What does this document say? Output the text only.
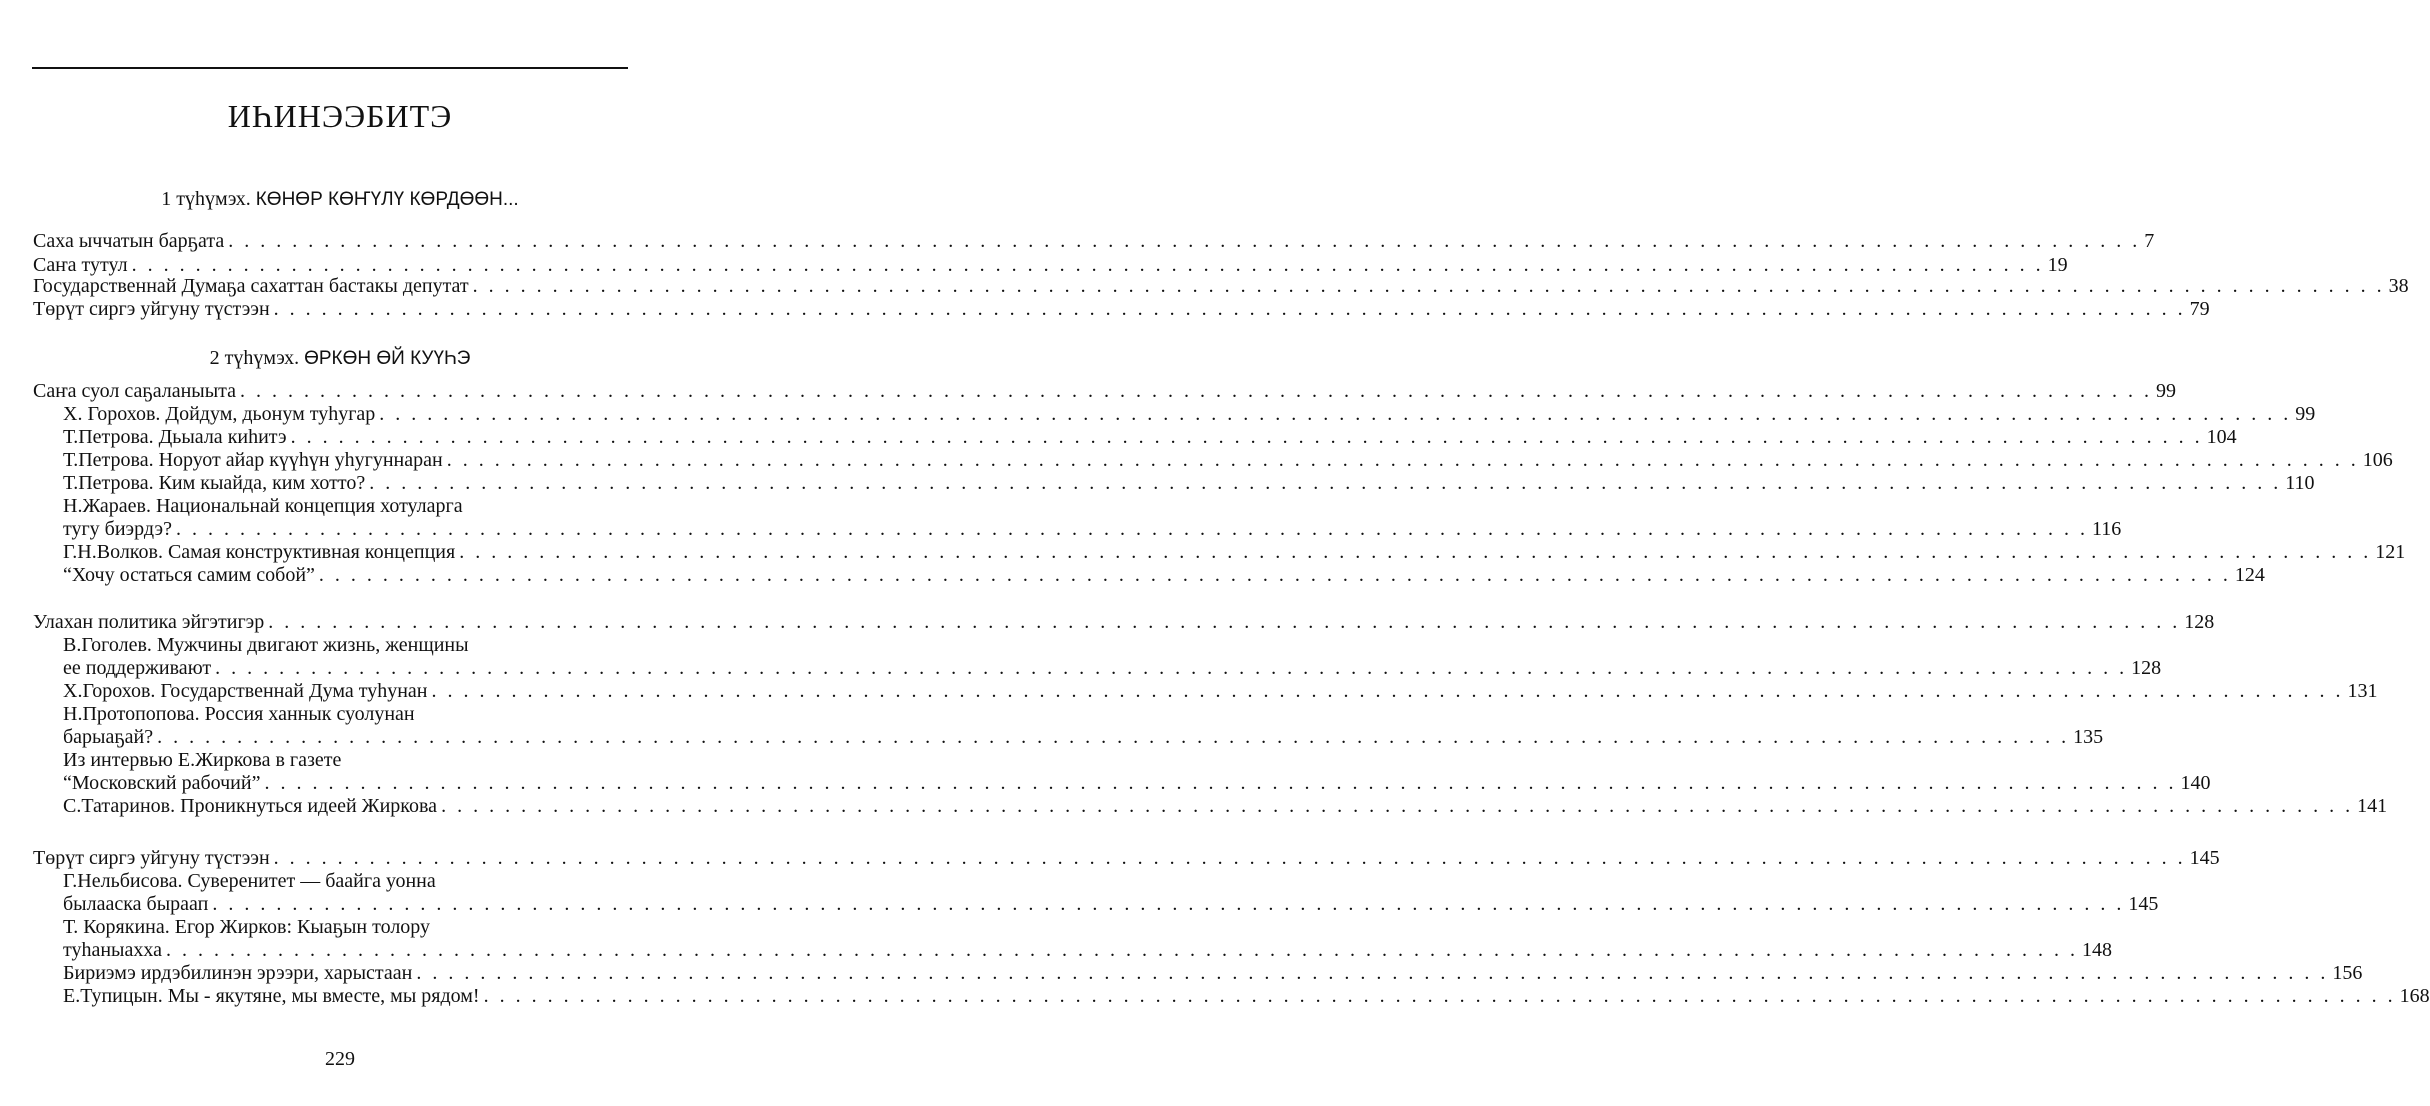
ИҺИНЭЭБИТЭ
1 түһүмэх. КӨНӨР КӨҤҮЛҮ КӨРДӨӨН...
2 түһүмэх. ӨРКӨН ӨЙ КУҮҺЭ
Саха ыччатын барҕата . . . . . . . . . . . . . . . . . . . . . . . . . . . . . . . . . . . . . . . . . . . . . . . . . . . . . . . . . . . . . . . . . . . . . . . . . . . . . . . . . . . . . . . . . . . . . . . . . . . . . . . . . . . . . . . . . . . . . . . . 7
Саҥа тутул . . . . . . . . . . . . . . . . . . . . . . . . . . . . . . . . . . . . . . . . . . . . . . . . . . . . . . . . . . . . . . . . . . . . . . . . . . . . . . . . . . . . . . . . . . . . . . . . . . . . . . . . . . . . . . . . . . . . . . . . 19
Государственнай Думаҕа сахаттан бастакы депутат . . . . . . . . . . . . . . . . . . . . . . . . . . . . . . . . . . . . . . . . . . . . . . . . . . . . . . . . . . . . . . . . . . . . . . . . . . . . . . . . . . . . . . . . . . . . . . . . . . . . . . . . . . . . . . . . . . . . . . . . 38
Төрүт сиргэ уйгуну түстээн . . . . . . . . . . . . . . . . . . . . . . . . . . . . . . . . . . . . . . . . . . . . . . . . . . . . . . . . . . . . . . . . . . . . . . . . . . . . . . . . . . . . . . . . . . . . . . . . . . . . . . . . . . . . . . . . . . . . . . . . 79
Саҥа суол саҕаланыыта . . . . . . . . . . . . . . . . . . . . . . . . . . . . . . . . . . . . . . . . . . . . . . . . . . . . . . . . . . . . . . . . . . . . . . . . . . . . . . . . . . . . . . . . . . . . . . . . . . . . . . . . . . . . . . . . . . . . . . . . 99
Х. Горохов. Дойдум, дьонум туһугар . . . . . . . . . . . . . . . . . . . . . . . . . . . . . . . . . . . . . . . . . . . . . . . . . . . . . . . . . . . . . . . . . . . . . . . . . . . . . . . . . . . . . . . . . . . . . . . . . . . . . . . . . . . . . . . . . . . . . . . . 99
Т.Петрова. Дьыала киһитэ . . . . . . . . . . . . . . . . . . . . . . . . . . . . . . . . . . . . . . . . . . . . . . . . . . . . . . . . . . . . . . . . . . . . . . . . . . . . . . . . . . . . . . . . . . . . . . . . . . . . . . . . . . . . . . . . . . . . . . . . 104
Т.Петрова. Норуот айар күүһүн уһугуннаран . . . . . . . . . . . . . . . . . . . . . . . . . . . . . . . . . . . . . . . . . . . . . . . . . . . . . . . . . . . . . . . . . . . . . . . . . . . . . . . . . . . . . . . . . . . . . . . . . . . . . . . . . . . . . . . . . . . . . . . . 106
Т.Петрова. Ким кыайда, ким хотто? . . . . . . . . . . . . . . . . . . . . . . . . . . . . . . . . . . . . . . . . . . . . . . . . . . . . . . . . . . . . . . . . . . . . . . . . . . . . . . . . . . . . . . . . . . . . . . . . . . . . . . . . . . . . . . . . . . . . . . . . 110
Н.Жараев. Национальнай концепция хотуларга
тугу биэрдэ? . . . . . . . . . . . . . . . . . . . . . . . . . . . . . . . . . . . . . . . . . . . . . . . . . . . . . . . . . . . . . . . . . . . . . . . . . . . . . . . . . . . . . . . . . . . . . . . . . . . . . . . . . . . . . . . . . . . . . . . . 116
Г.Н.Волков. Самая конструктивная концепция . . . . . . . . . . . . . . . . . . . . . . . . . . . . . . . . . . . . . . . . . . . . . . . . . . . . . . . . . . . . . . . . . . . . . . . . . . . . . . . . . . . . . . . . . . . . . . . . . . . . . . . . . . . . . . . . . . . . . . . . 121
“Хочу остаться самим собой” . . . . . . . . . . . . . . . . . . . . . . . . . . . . . . . . . . . . . . . . . . . . . . . . . . . . . . . . . . . . . . . . . . . . . . . . . . . . . . . . . . . . . . . . . . . . . . . . . . . . . . . . . . . . . . . . . . . . . . . . 124
Улахан политика эйгэтигэр . . . . . . . . . . . . . . . . . . . . . . . . . . . . . . . . . . . . . . . . . . . . . . . . . . . . . . . . . . . . . . . . . . . . . . . . . . . . . . . . . . . . . . . . . . . . . . . . . . . . . . . . . . . . . . . . . . . . . . . . 128
В.Гоголев. Мужчины двигают жизнь, женщины
ее поддерживают . . . . . . . . . . . . . . . . . . . . . . . . . . . . . . . . . . . . . . . . . . . . . . . . . . . . . . . . . . . . . . . . . . . . . . . . . . . . . . . . . . . . . . . . . . . . . . . . . . . . . . . . . . . . . . . . . . . . . . . . 128
Х.Горохов. Государственнай Дума туһунан . . . . . . . . . . . . . . . . . . . . . . . . . . . . . . . . . . . . . . . . . . . . . . . . . . . . . . . . . . . . . . . . . . . . . . . . . . . . . . . . . . . . . . . . . . . . . . . . . . . . . . . . . . . . . . . . . . . . . . . . 131
Н.Протопопова. Россия ханнык суолунан
барыаҕай? . . . . . . . . . . . . . . . . . . . . . . . . . . . . . . . . . . . . . . . . . . . . . . . . . . . . . . . . . . . . . . . . . . . . . . . . . . . . . . . . . . . . . . . . . . . . . . . . . . . . . . . . . . . . . . . . . . . . . . . . 135
Из интервью Е.Жиркова в газете
“Московский рабочий” . . . . . . . . . . . . . . . . . . . . . . . . . . . . . . . . . . . . . . . . . . . . . . . . . . . . . . . . . . . . . . . . . . . . . . . . . . . . . . . . . . . . . . . . . . . . . . . . . . . . . . . . . . . . . . . . . . . . . . . . 140
С.Татаринов. Проникнуться идеей Жиркова . . . . . . . . . . . . . . . . . . . . . . . . . . . . . . . . . . . . . . . . . . . . . . . . . . . . . . . . . . . . . . . . . . . . . . . . . . . . . . . . . . . . . . . . . . . . . . . . . . . . . . . . . . . . . . . . . . . . . . . . 141
Төрүт сиргэ уйгуну түстээн . . . . . . . . . . . . . . . . . . . . . . . . . . . . . . . . . . . . . . . . . . . . . . . . . . . . . . . . . . . . . . . . . . . . . . . . . . . . . . . . . . . . . . . . . . . . . . . . . . . . . . . . . . . . . . . . . . . . . . . . 145
Г.Нельбисова. Суверенитет — баайга уонна
былааска быраап . . . . . . . . . . . . . . . . . . . . . . . . . . . . . . . . . . . . . . . . . . . . . . . . . . . . . . . . . . . . . . . . . . . . . . . . . . . . . . . . . . . . . . . . . . . . . . . . . . . . . . . . . . . . . . . . . . . . . . . . 145
Т. Корякина. Егор Жирков: Кыаҕын толору
туһаныахха . . . . . . . . . . . . . . . . . . . . . . . . . . . . . . . . . . . . . . . . . . . . . . . . . . . . . . . . . . . . . . . . . . . . . . . . . . . . . . . . . . . . . . . . . . . . . . . . . . . . . . . . . . . . . . . . . . . . . . . . 148
Бириэмэ ирдэбилинэн эрээри, харыстаан . . . . . . . . . . . . . . . . . . . . . . . . . . . . . . . . . . . . . . . . . . . . . . . . . . . . . . . . . . . . . . . . . . . . . . . . . . . . . . . . . . . . . . . . . . . . . . . . . . . . . . . . . . . . . . . . . . . . . . . . 156
Е.Тупицын. Мы - якутяне, мы вместе, мы рядом! . . . . . . . . . . . . . . . . . . . . . . . . . . . . . . . . . . . . . . . . . . . . . . . . . . . . . . . . . . . . . . . . . . . . . . . . . . . . . . . . . . . . . . . . . . . . . . . . . . . . . . . . . . . . . . . . . . . . . . . . 168
229
